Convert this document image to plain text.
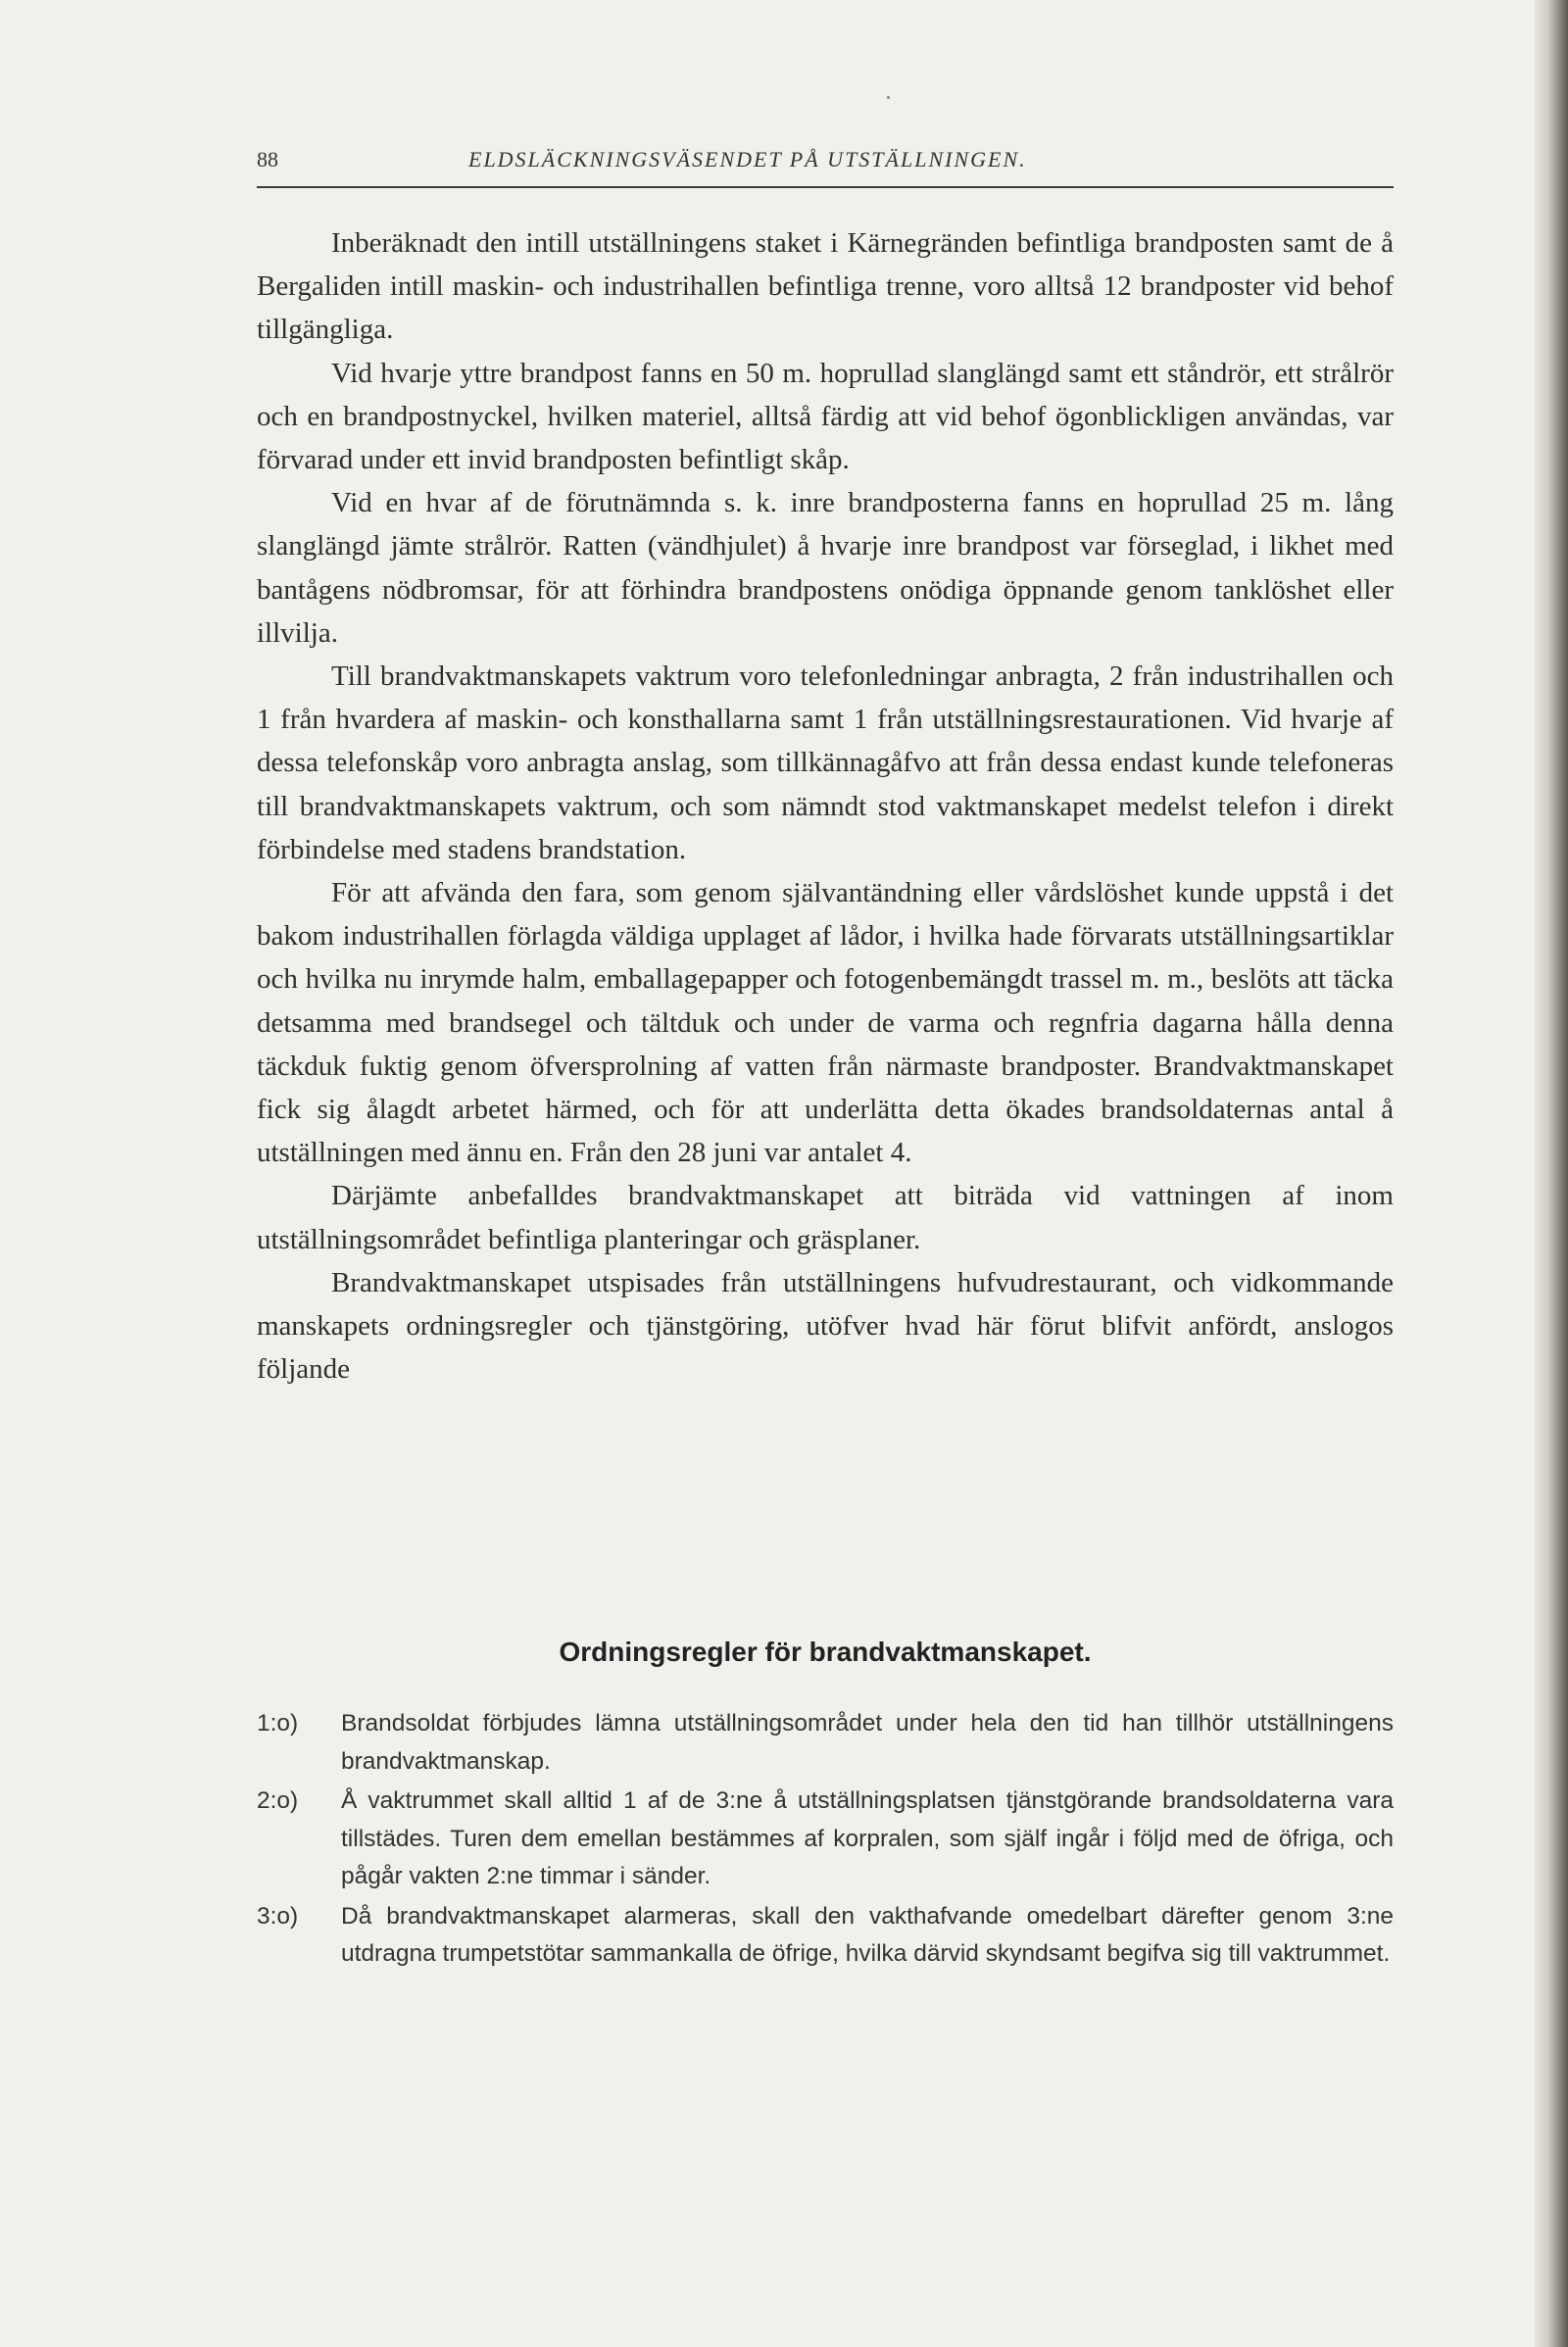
88	ELDSLÄCKNINGSVÄSENDET PÅ UTSTÄLLNINGEN.

Inberäknadt den intill utställningens staket i Kärnegränden befintliga brandposten samt de å Bergaliden intill maskin- och industrihallen befintliga trenne, voro alltså 12 brandposter vid behof tillgängliga.

Vid hvarje yttre brandpost fanns en 50 m. hoprullad slanglängd samt ett ståndrör, ett strålrör och en brandpostnyckel, hvilken materiel, alltså färdig att vid behof ögonblickligen användas, var förvarad under ett invid brandposten befintligt skåp.

Vid en hvar af de förutnämnda s. k. inre brandposterna fanns en hoprullad 25 m. lång slanglängd jämte strålrör. Ratten (vändhjulet) å hvarje inre brandpost var förseglad, i likhet med bantågens nödbromsar, för att förhindra brandpostens onödiga öppnande genom tanklöshet eller illvilja.

Till brandvaktmanskapets vaktrum voro telefonledningar anbragta, 2 från industrihallen och 1 från hvardera af maskin- och konsthallarna samt 1 från utställningsrestaurationen. Vid hvarje af dessa telefonskåp voro anbragta anslag, som tillkännagåfvo att från dessa endast kunde telefoneras till brandvaktmanskapets vaktrum, och som nämndt stod vaktmanskapet medelst telefon i direkt förbindelse med stadens brandstation.

För att afvända den fara, som genom självantändning eller vårdslöshet kunde uppstå i det bakom industrihallen förlagda väldiga upplaget af lådor, i hvilka hade förvarats utställningsartiklar och hvilka nu inrymde halm, emballagepapper och fotogenbemängdt trassel m. m., beslöts att täcka detsamma med brandsegel och tältduk och under de varma och regnfria dagarna hålla denna täckduk fuktig genom öfversprolning af vatten från närmaste brandposter. Brandvaktmanskapet fick sig ålagdt arbetet härmed, och för att underlätta detta ökades brandsoldaternas antal å utställningen med ännu en. Från den 28 juni var antalet 4.

Därjämte anbefalldes brandvaktmanskapet att biträda vid vattningen af inom utställningsområdet befintliga planteringar och gräsplaner.

Brandvaktmanskapet utspisades från utställningens hufvudrestaurant, och vidkommande manskapets ordningsregler och tjänstgöring, utöfver hvad här förut blifvit anfördt, anslogos följande

Ordningsregler för brandvaktmanskapet.
1:o)	Brandsoldat förbjudes lämna utställningsområdet under hela den tid han tillhör utställningens brandvaktmanskap.
2:o)	Å vaktrummet skall alltid 1 af de 3:ne å utställningsplatsen tjänstgörande brandsoldaterna vara tillstädes. Turen dem emellan bestämmes af korpralen, som själf ingår i följd med de öfriga, och pågår vakten 2:ne timmar i sänder.
3:o)	Då brandvaktmanskapet alarmeras, skall den vakthafvande omedelbart därefter genom 3:ne utdragna trumpetstötar sammankalla de öfrige, hvilka därvid skyndsamt begifva sig till vaktrummet.
